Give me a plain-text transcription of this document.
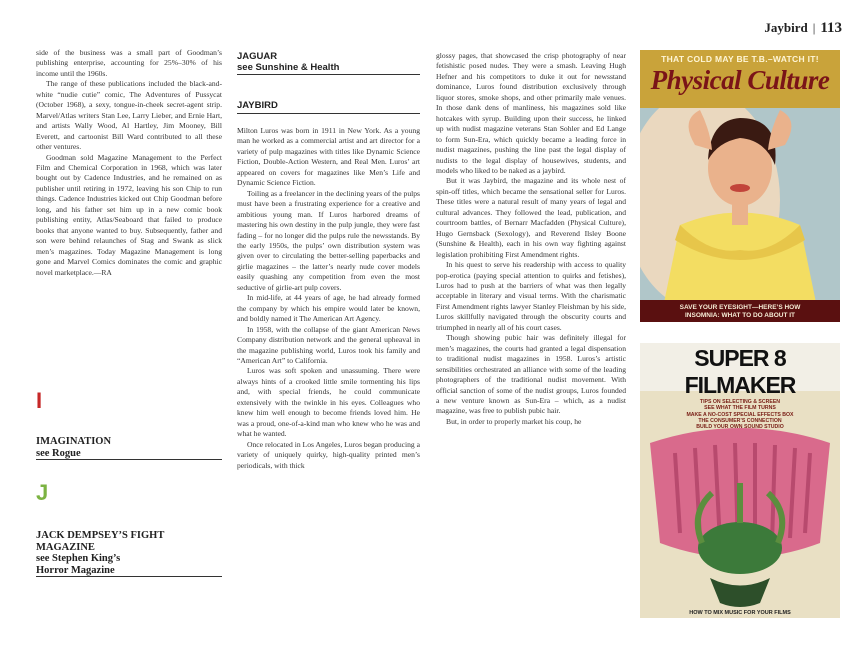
Jaybird | 113

side of the business was a small part of Goodman’s publishing enterprise, accounting for 25%–30% of his income until the 1960s.

The range of these publications included the black-and-white “nudie cutie” comic, The Adventures of Pussycat (October 1968), a sexy, tongue-in-cheek secret-agent strip. Marvel/Atlas writers Stan Lee, Larry Lieber, and Ernie Hart, and artists Wally Wood, Al Hartley, Jim Mooney, Bill Everett, and cartoonist Bill Ward contributed to all these other ventures.

Goodman sold Magazine Management to the Perfect Film and Chemical Corporation in 1968, which was later bought out by Cadence Industries, and he remained on as publisher until retiring in 1972, leaving his son Chip to run things. Cadence Industries kicked out Chip Goodman before long, and his father set him up in a new comic book publishing entity, Atlas/Seaboard that failed to produce books that anyone wanted to buy. Subsequently, father and son were behind relaunches of Stag and Swank as slick men’s magazines. Today Magazine Management is long gone and Marvel Comics dominates the comic and graphic novel marketplace.—RA

I
IMAGINATION
see Rogue
J
JACK DEMPSEY’S FIGHT
MAGAZINE
see Stephen King’s
Horror Magazine
JAGUAR
see Sunshine & Health
JAYBIRD

Milton Luros was born in 1911 in New York. As a young man he worked as a commercial artist and art director for a variety of pulp magazines with titles like Dynamic Science Fiction, Double-Action Western, and Real Men. Luros’ art appeared on covers for magazines like Men’s Life and Dynamic Science Fiction.

Toiling as a freelancer in the declining years of the pulps must have been a frustrating experience for a creative and ambitious young man. If Luros harbored dreams of mastering his own destiny in the pulp jungle, they were fast fading – for no longer did the pulps rule the newsstands. By the early 1950s, the pulps’ own distribution system was given over to circulating the better-selling paperbacks and girlie magazines – the latter’s nearly nude cover models easily quashing any competition from even the most seductive of girlie-art pulp covers.

In mid-life, at 44 years of age, he had already formed the company by which his empire would later be known, and boldly named it The American Art Agency.

In 1958, with the collapse of the giant American News Company distribution network and the general upheaval in the magazine publishing world, Luros took his family and “American Art” to California.

Luros was soft spoken and unassuming. There were always hints of a crooked little smile tormenting his lips and, with special friends, he could communicate extensively with the twinkle in his eyes. Colleagues who knew him well enough to become friends loved him. He was a proud, one-of-a-kind man who knew who he was and what he wanted.

Once relocated in Los Angeles, Luros began producing a variety of uniquely quirky, high-quality printed men’s periodicals, with thick

glossy pages, that showcased the crisp photography of near fetishistic posed nudes. They were a smash. Leaving Hugh Hefner and his competitors to duke it out for newsstand dominance, Luros found distribution exclusively through liquor stores, smoke shops, and other primarily male venues. In those dank dens of manliness, his magazines sold like hotcakes with syrup. Building upon their success, he linked up with nudist magazine veterans Stan Sohler and Ed Lange to form Sun-Era, which quickly became a leading force in nudist magazines, pushing the line past the legal display of nudists to the legal display of housewives, students, and models who liked to be naked as a jaybird.

But it was Jaybird, the magazine and its whole nest of spin-off titles, which became the sensational seller for Luros. These titles were a natural result of many years of legal and cultural advances. They followed the lead, publication, and courtroom battles, of Bernarr Macfadden (Physical Culture), Hugo Gernsback (Sexology), and Reverend Ilsley Boone (Sunshine & Health), each in his own way fighting against legislation prohibiting First Amendment rights.

In his quest to serve his readership with access to quality pop-erotica (paying special attention to quirks and fetishes), Luros had to push at the barriers of what was then legally acceptable in literary and visual terms. With the charismatic First Amendment rights lawyer Stanley Fleishman by his side, Luros skillfully navigated through the obscurity courts and triumphed in nearly all of his court cases.

Though showing pubic hair was definitely illegal for men’s magazines, the courts had granted a legal dispensation to traditional nudist magazines in 1958. Luros’s artistic sensibilities orchestrated an alliance with some of the leading photographers of the traditional nudist movement. With official sanction of some of the nudist groups, Luros founded a new venture known as Sun-Era – which, as a nudist magazine, was free to publish pubic hair.

But, in order to properly market his coup, he

THAT COLD MAY BE T.B.–WATCH IT!
Physical Culture
SAVE YOUR EYESIGHT—HERE’S HOW
INSOMNIA: WHAT TO DO ABOUT IT
SUPER 8 FILMAKER
TIPS ON SELECTING & SCREEN
SEE WHAT THE FILM TURNS
MAKE A NO-COST SPECIAL EFFECTS BOX
THE CONSUMER’S CONNECTION
BUILD YOUR OWN SOUND STUDIO
HOW TO MIX MUSIC FOR YOUR FILMS
